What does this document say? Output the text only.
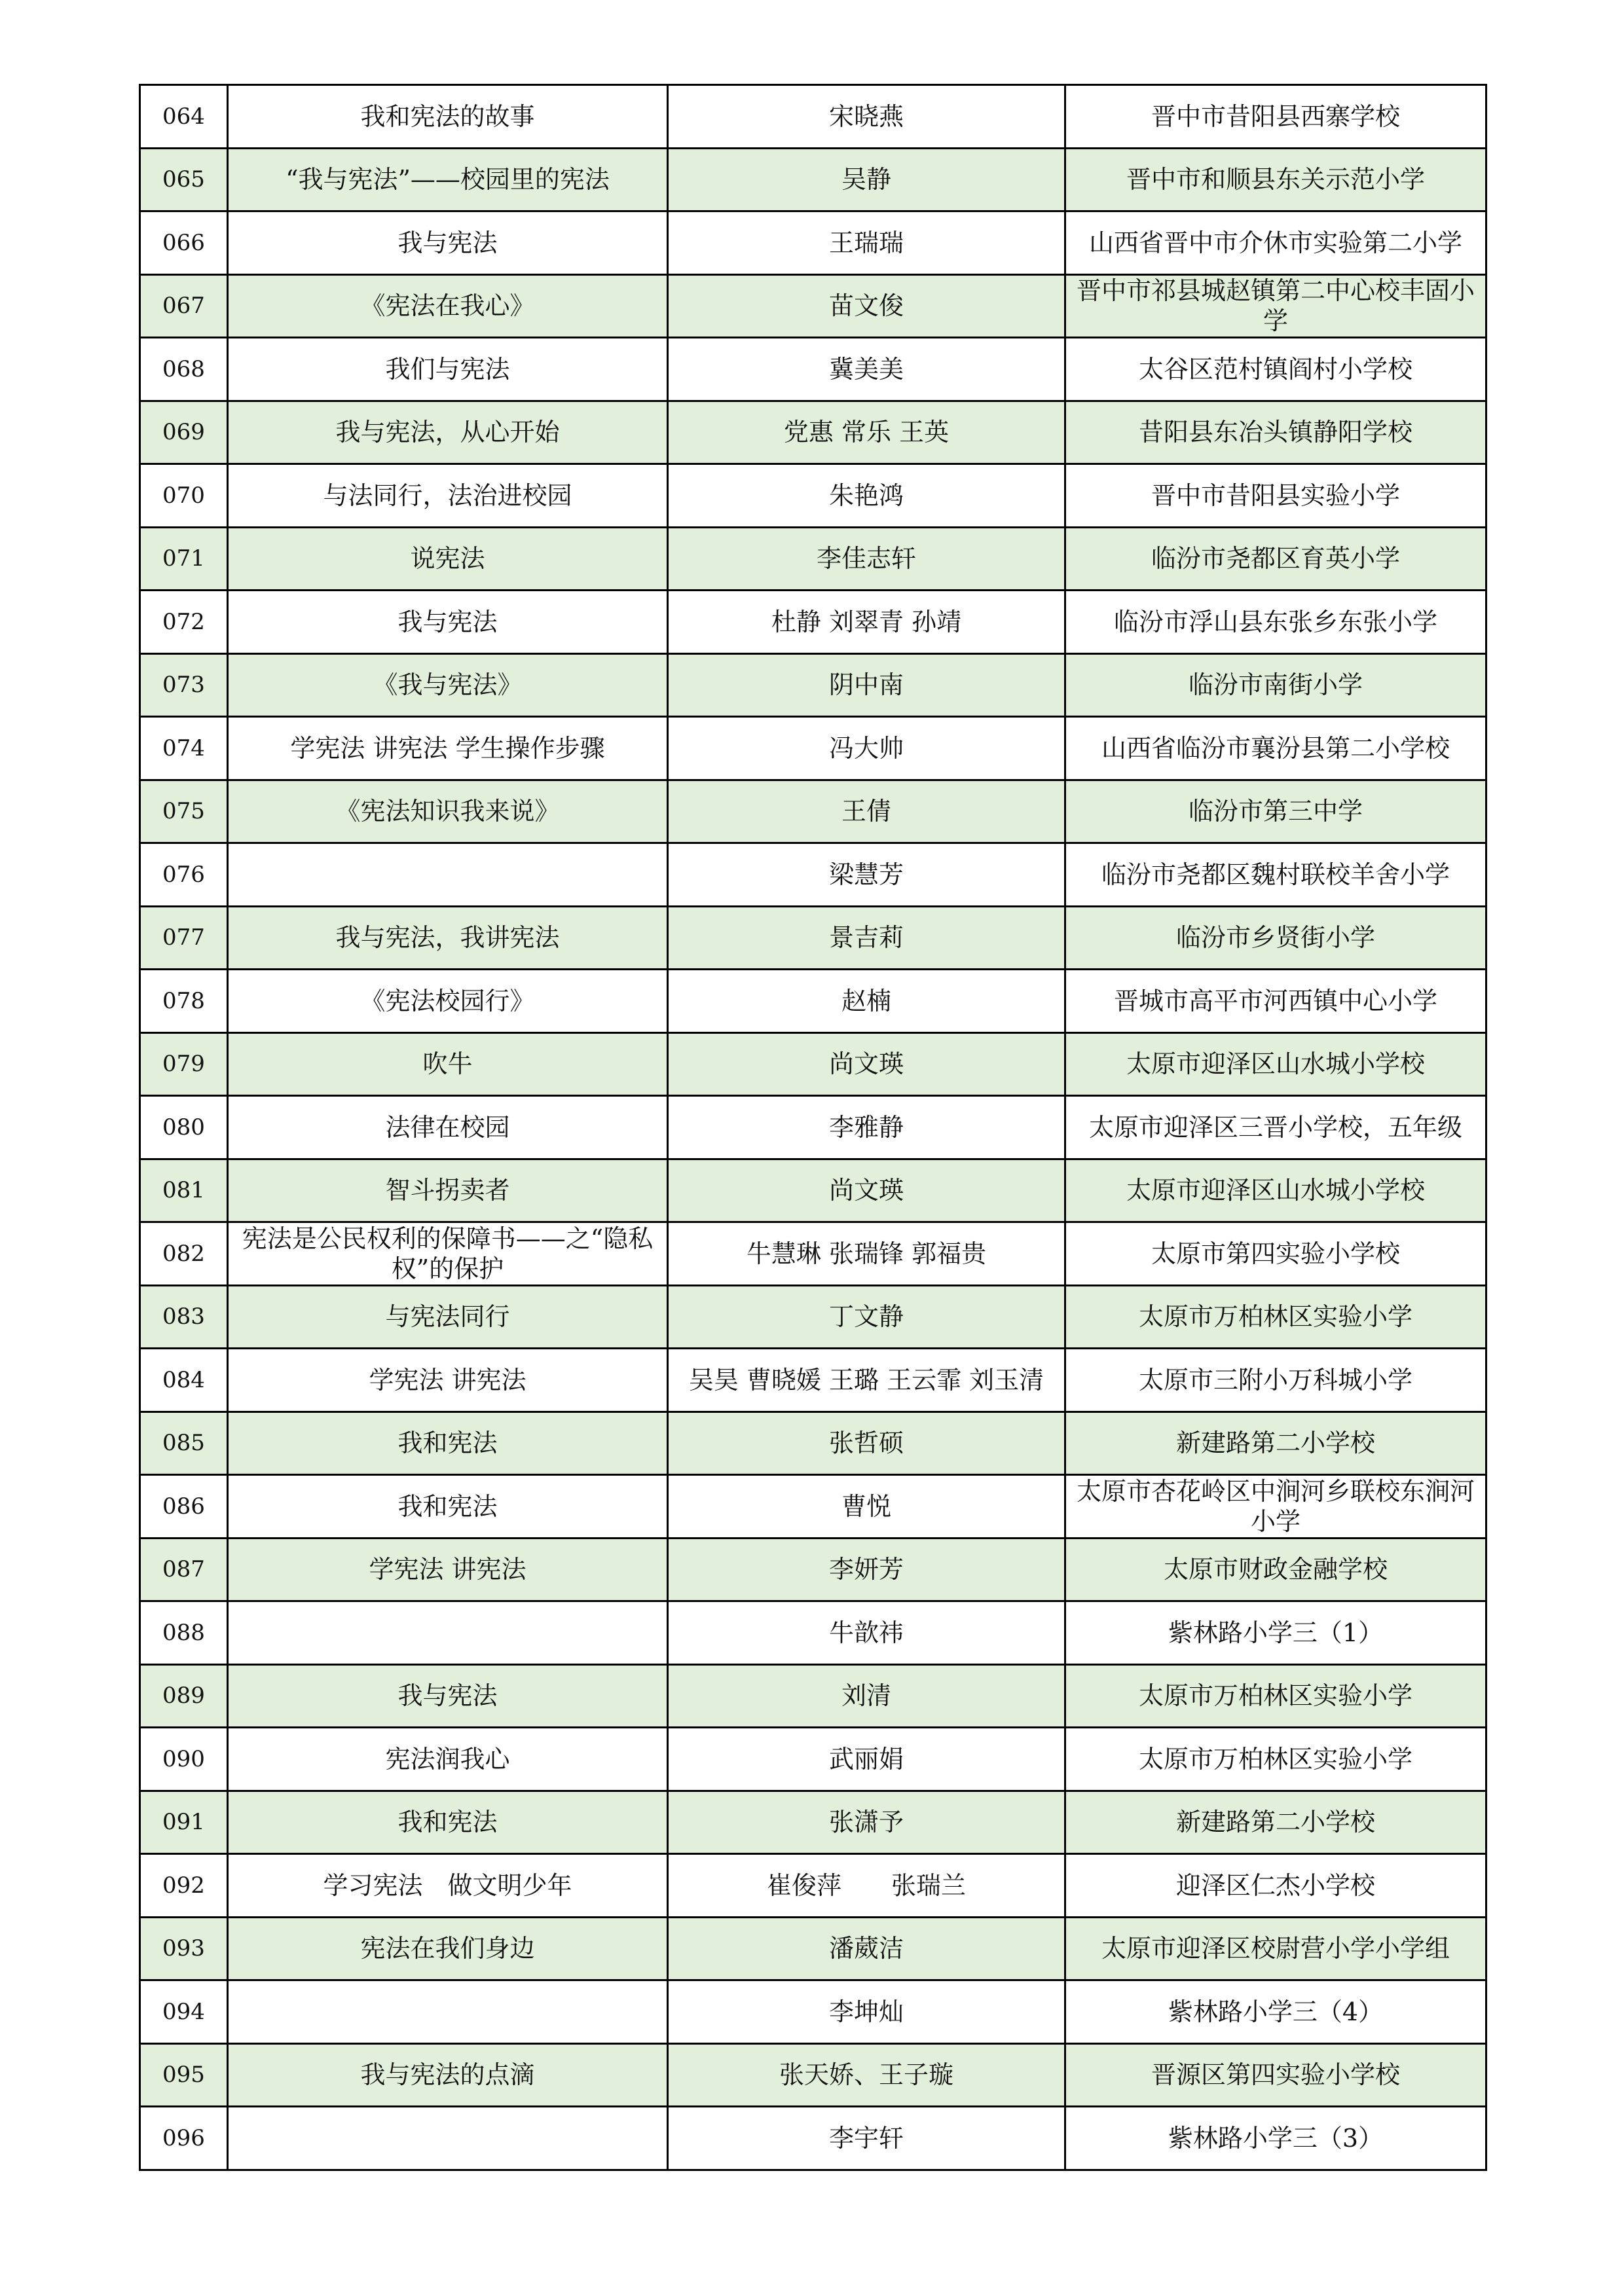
064	我和宪法的故事	宋晓燕	晋中市昔阳县西寨学校
065	“我与宪法”——校园里的宪法	吴静	晋中市和顺县东关示范小学
066	我与宪法	王瑞瑞	山西省晋中市介休市实验第二小学
067	《宪法在我心》	苗文俊	晋中市祁县城赵镇第二中心校丰固小学
068	我们与宪法	冀美美	太谷区范村镇阎村小学校
069	我与宪法，从心开始	党惠 常乐 王英	昔阳县东冶头镇静阳学校
070	与法同行，法治进校园	朱艳鸿	晋中市昔阳县实验小学
071	说宪法	李佳志轩	临汾市尧都区育英小学
072	我与宪法	杜静 刘翠青 孙靖	临汾市浮山县东张乡东张小学
073	《我与宪法》	阴中南	临汾市南街小学
074	学宪法 讲宪法 学生操作步骤	冯大帅	山西省临汾市襄汾县第二小学校
075	《宪法知识我来说》	王倩	临汾市第三中学
076		梁慧芳	临汾市尧都区魏村联校羊舍小学
077	我与宪法，我讲宪法	景吉莉	临汾市乡贤街小学
078	《宪法校园行》	赵楠	晋城市高平市河西镇中心小学
079	吹牛	尚文瑛	太原市迎泽区山水城小学校
080	法律在校园	李雅静	太原市迎泽区三晋小学校，五年级
081	智斗拐卖者	尚文瑛	太原市迎泽区山水城小学校
082	宪法是公民权利的保障书——之“隐私权”的保护	牛慧琳 张瑞锋 郭福贵	太原市第四实验小学校
083	与宪法同行	丁文静	太原市万柏林区实验小学
084	学宪法 讲宪法	吴昊 曹晓媛 王璐 王云霏 刘玉清	太原市三附小万科城小学
085	我和宪法	张哲硕	新建路第二小学校
086	我和宪法	曹悦	太原市杏花岭区中涧河乡联校东涧河小学
087	学宪法 讲宪法	李妍芳	太原市财政金融学校
088		牛歆祎	紫林路小学三（1）
089	我与宪法	刘清	太原市万柏林区实验小学
090	宪法润我心	武丽娟	太原市万柏林区实验小学
091	我和宪法	张潇予	新建路第二小学校
092	学习宪法　做文明少年	崔俊萍　　张瑞兰	迎泽区仁杰小学校
093	宪法在我们身边	潘葳洁	太原市迎泽区校尉营小学小学组
094		李坤灿	紫林路小学三（4）
095	我与宪法的点滴	张天娇、王子璇	晋源区第四实验小学校
096		李宇轩	紫林路小学三（3）
